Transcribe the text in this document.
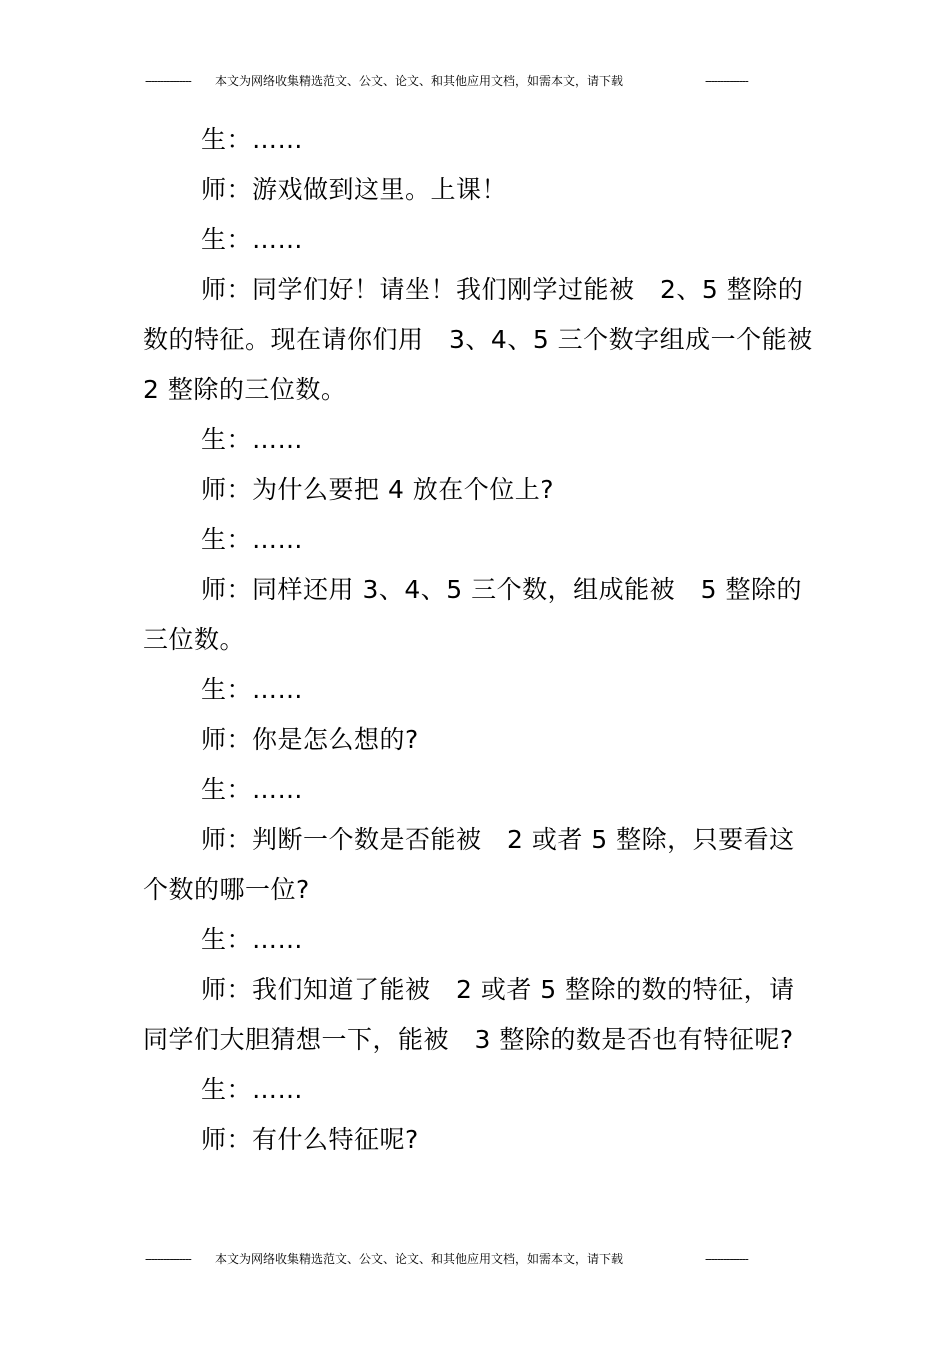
--------------- 本文为网络收集精选范文、公文、论文、和其他应用文档，如需本文，请下载	--------------

生：……

师：游戏做到这里。上课！

生：……

师：同学们好！请坐！我们刚学过能被　2、5 整除的数的特征。现在请你们用　3、4、5 三个数字组成一个能被 2 整除的三位数。

生：……

师：为什么要把 4 放在个位上?

生：……

师：同样还用 3、4、5 三个数，组成能被　5 整除的三位数。

生：……

师：你是怎么想的?

生：……

师：判断一个数是否能被　2 或者 5 整除，只要看这个数的哪一位?

生：……

师：我们知道了能被　2 或者 5 整除的数的特征，请同学们大胆猜想一下，能被　3 整除的数是否也有特征呢?

生：……

师：有什么特征呢?

--------------- 本文为网络收集精选范文、公文、论文、和其他应用文档，如需本文，请下载	--------------
